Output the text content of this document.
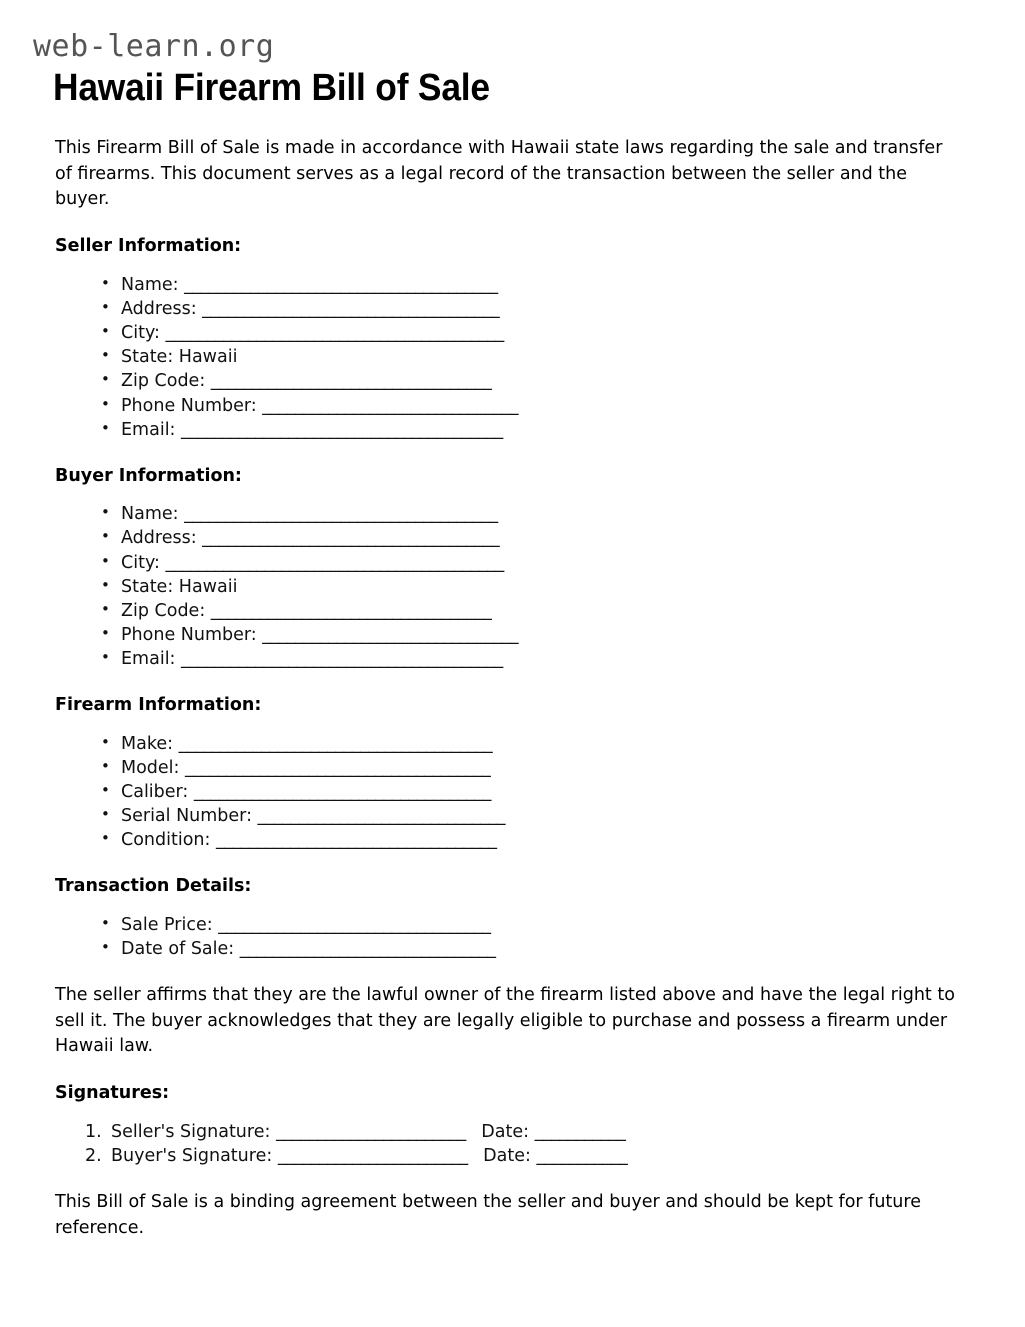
web-learn.org
Hawaii Firearm Bill of Sale

This Firearm Bill of Sale is made in accordance with Hawaii state laws regarding the sale and transfer of firearms. This document serves as a legal record of the transaction between the seller and the buyer.

Seller Information:
• Name: ______________________________________
• Address: ____________________________________
• City: _________________________________________
• State: Hawaii
• Zip Code: __________________________________
• Phone Number: _______________________________
• Email: _______________________________________
Buyer Information:
• Name: ______________________________________
• Address: ____________________________________
• City: _________________________________________
• State: Hawaii
• Zip Code: __________________________________
• Phone Number: _______________________________
• Email: _______________________________________
Firearm Information:
• Make: ______________________________________
• Model: _____________________________________
• Caliber: ____________________________________
• Serial Number: ______________________________
• Condition: __________________________________
Transaction Details:
• Sale Price: _________________________________
• Date of Sale: _______________________________

The seller affirms that they are the lawful owner of the firearm listed above and have the legal right to sell it. The buyer acknowledges that they are legally eligible to purchase and possess a firearm under Hawaii law.

Signatures:
Seller's Signature: _______________________ Date: ___________
Buyer's Signature: _______________________ Date: ___________

This Bill of Sale is a binding agreement between the seller and buyer and should be kept for future reference.
